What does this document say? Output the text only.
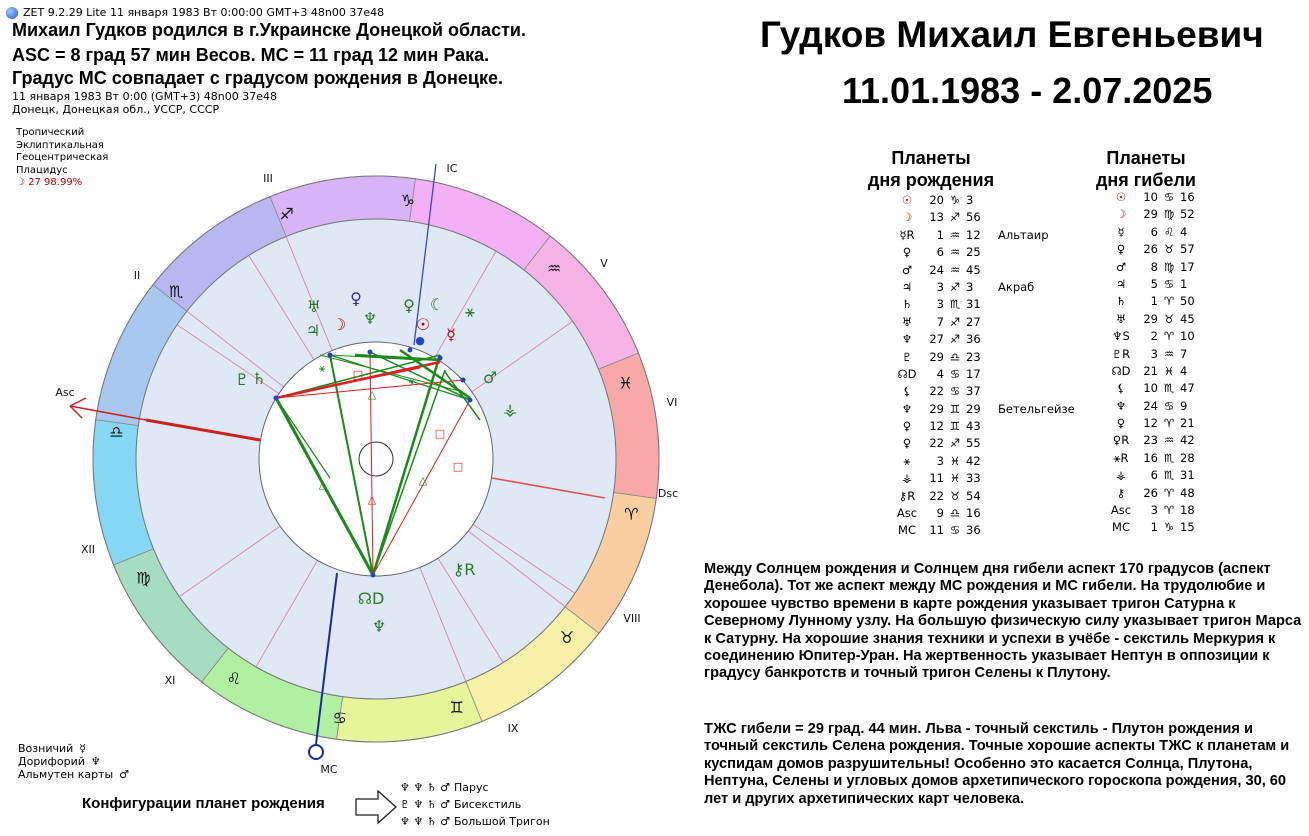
ZET 9.2.29 Lite 11 января 1983 Вт 0:00:00 GMT+3 48n00 37e48
Михаил Гудков родился в г.Украинске Донецкой области.
ASC = 8 град 57 мин Весов. МС = 11 град 12 мин Рака.
Градус МС совпадает с градусом рождения в Донецке.
11 января 1983 Вт 0:00 (GMT+3) 48n00 37e48
Донецк, Донецкая обл., УССР, СССР
Тропический
Эклиптикальная
Геоцентрическая
Плацидус
☽ 27 98.99%
Гудков Михаил Евгеньевич
11.01.1983 - 2.07.2025
♎
♍
♌
♋
♊
♉
♈
♓
♒
♑
♐
♏
△	△
△
△
□
□
□
⚹
⚹
●
♅
♃ ☽ ♆
♀	♀
☉
☾
☿
⚹
♇ ♄	♂
⚶
⚷R
☊D
♆
Asc
Dsc
IC
MC
II
III
V
VI
VIII
IX
XI
XII
Планеты
дня рождения
☉	20 ♑ 3
☽	13 ♐ 56
☿R	1 ♒ 12	Альтаир
♀	6 ♒ 25
♂	24 ♒ 45
♃	3 ♐ 3	Акраб
♄	3 ♏ 31
♅	7 ♐ 27
♆	27 ♐ 36
♇	29 ♎ 23
☊D	4 ♋ 17
⚸	22 ♋ 37
♆	29 ♊ 29	Бетельгейзе
♀	12 ♊ 43
♀	22 ♐ 55
⚹	3 ♓ 42
⚶	11 ♓ 33
⚷R	22 ♉ 54
Asc	9 ♎ 16
MC	11 ♋ 36
Планеты
дня гибели
☉	10 ♋ 16
☽	29 ♍ 52
☿	6 ♌ 4
♀	26 ♉ 57
♂	8 ♍ 17
♃	5 ♋ 1
♄	1 ♈ 50
♅	29 ♉ 45
♆S	2 ♈ 10
♇R	3 ♒ 7
☊D	21 ♓ 4
⚸	10 ♏ 47
♆	24 ♋ 9
♀	12 ♈ 21
♀R	23 ♒ 42
⚹R	16 ♏ 28
⚶	6 ♏ 31
⚷	26 ♈ 48
Asc	3 ♈ 18
MC	1 ♑ 15
Между Солнцем рождения и Солнцем дня гибели аспект 170 градусов (аспект Денебола). Тот же аспект между МС рождения и МС гибели. На трудолюбие и хорошее чувство времени в карте рождения указывает тригон Сатурна к Северному Лунному узлу. На большую физическую силу указывает тригон Марса к Сатурну. На хорошие знания техники и успехи в учёбе - секстиль Меркурия к соединению Юпитер-Уран. На жертвенность указывает Нептун в оппозиции к градусу банкротств и точный тригон Селены к Плутону.
ТЖС гибели = 29 град. 44 мин. Льва - точный секстиль - Плутон рождения и точный секстиль Селена рождения. Точные хорошие аспекты ТЖС к планетам и куспидам домов разрушительны! Особенно это касается Солнца, Плутона, Нептуна, Селены и угловых домов архетипического гороскопа рождения, 30, 60 лет и других архетипических карт человека.
Возничий ☿
Дорифорий ♆
Альмутен карты ♂
Конфигурации планет рождения
♆ ♆ ♄ ♂ Парус
♇ ♆ ♄ ♂ Бисекстиль
♆ ♆ ♄ ♂ Большой Тригон
